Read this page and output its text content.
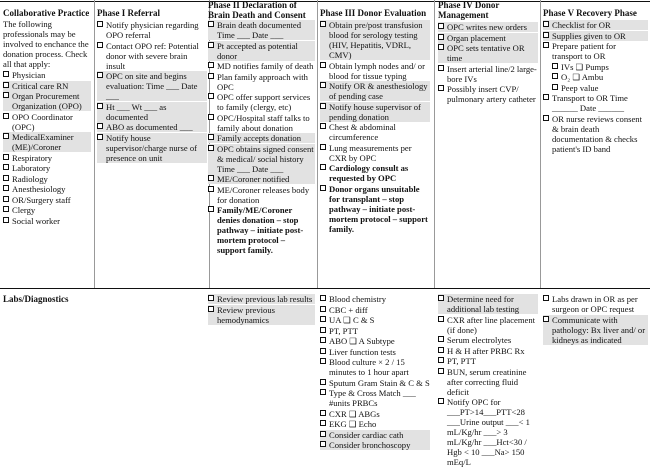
Collaborative Practice
The following professionals may be involved to enchance the donation process. Check all that apply:
Physician
Critical care RN
Organ Procurement Organization (OPO)
OPO Coordinator (OPC)
MedicalExaminer (ME)/Coroner
Respiratory
Laboratory
Radiology
Anesthesiology
OR/Surgery staff
Clergy
Social worker
Phase I Referral
Notify physician regarding OPO referral
Contact OPO ref: Potential donor with severe brain insult
OPC on site and begins evaluation: Time ___ Date ___
Ht ___ Wt ___ as documented
ABO as documented ___
Notify house supervisor/charge nurse of presence on unit
Phase II Declaration of Brain Death and Consent
Brain death documented Time ___ Date ___
Pt accepted as potential donor
MD notifies family of death
Plan family approach with OPC
OPC offer support services to family (clergy, etc)
OPC/Hospital staff talks to family about donation
Family accepts donation
OPC obtains signed consent & medical/ social history Time ___ Date ___
ME/Coroner notified
ME/Coroner releases body for donation
Family/ME/Coroner denies donation – stop pathway – initiate post-mortem protocol – support family.
Phase III Donor Evaluation
Obtain pre/post transfusion blood for serology testing (HIV, Hepatitis, VDRL, CMV)
Obtain lymph nodes and/ or blood for tissue typing
Notify OR & anesthesiology of pending case
Notify house supervisor of pending donation
Chest & abdominal circumference
Lung measurements per CXR by OPC
Cardiology consult as requested by OPC
Donor organs unsuitable for transplant – stop pathway – initiate post-mortem protocol – support family.
Phase IV Donor Management
OPC writes new orders
Organ placement
OPC sets tentative OR time
Insert arterial line/2 large-bore IVs
Possibly insert CVP/ pulmonary artery catheter
Phase V Recovery Phase
Checklist for OR
Supplies given to OR
Prepare patient for transport to OR
IVs ❑ Pumps
O₂ ❑ Ambu
Peep value
Transport to OR Time ______ Date ______
OR nurse reviews consent & brain death documentation & checks patient's ID band
Labs/Diagnostics	Review previous lab results
Review previous hemodynamics
Blood chemistry
CBC + diff
UA ❑ C & S
PT, PTT
ABO ❑ A Subtype
Liver function tests
Blood culture × 2 / 15 minutes to 1 hour apart
Sputum Gram Stain & C & S
Type & Cross Match ___ #units PRBCs
CXR ❑ ABGs
EKG ❑ Echo
Consider cardiac cath
Consider bronchoscopy
Determine need for additional lab testing
CXR after line placement (if done)
Serum electrolytes
H & H after PRBC Rx
PT, PTT
BUN, serum creatinine after correcting fluid deficit
Notify OPC for ___PT>14___PTT<28 ___Urine output ___< 1 mL/Kg/hr ___> 3 mL/Kg/hr ___Hct<30 / Hgb < 10 ___Na> 150 mEq/L
Labs drawn in OR as per surgeon or OPC request
Communicate with pathology: Bx liver and/ or kidneys as indicated
